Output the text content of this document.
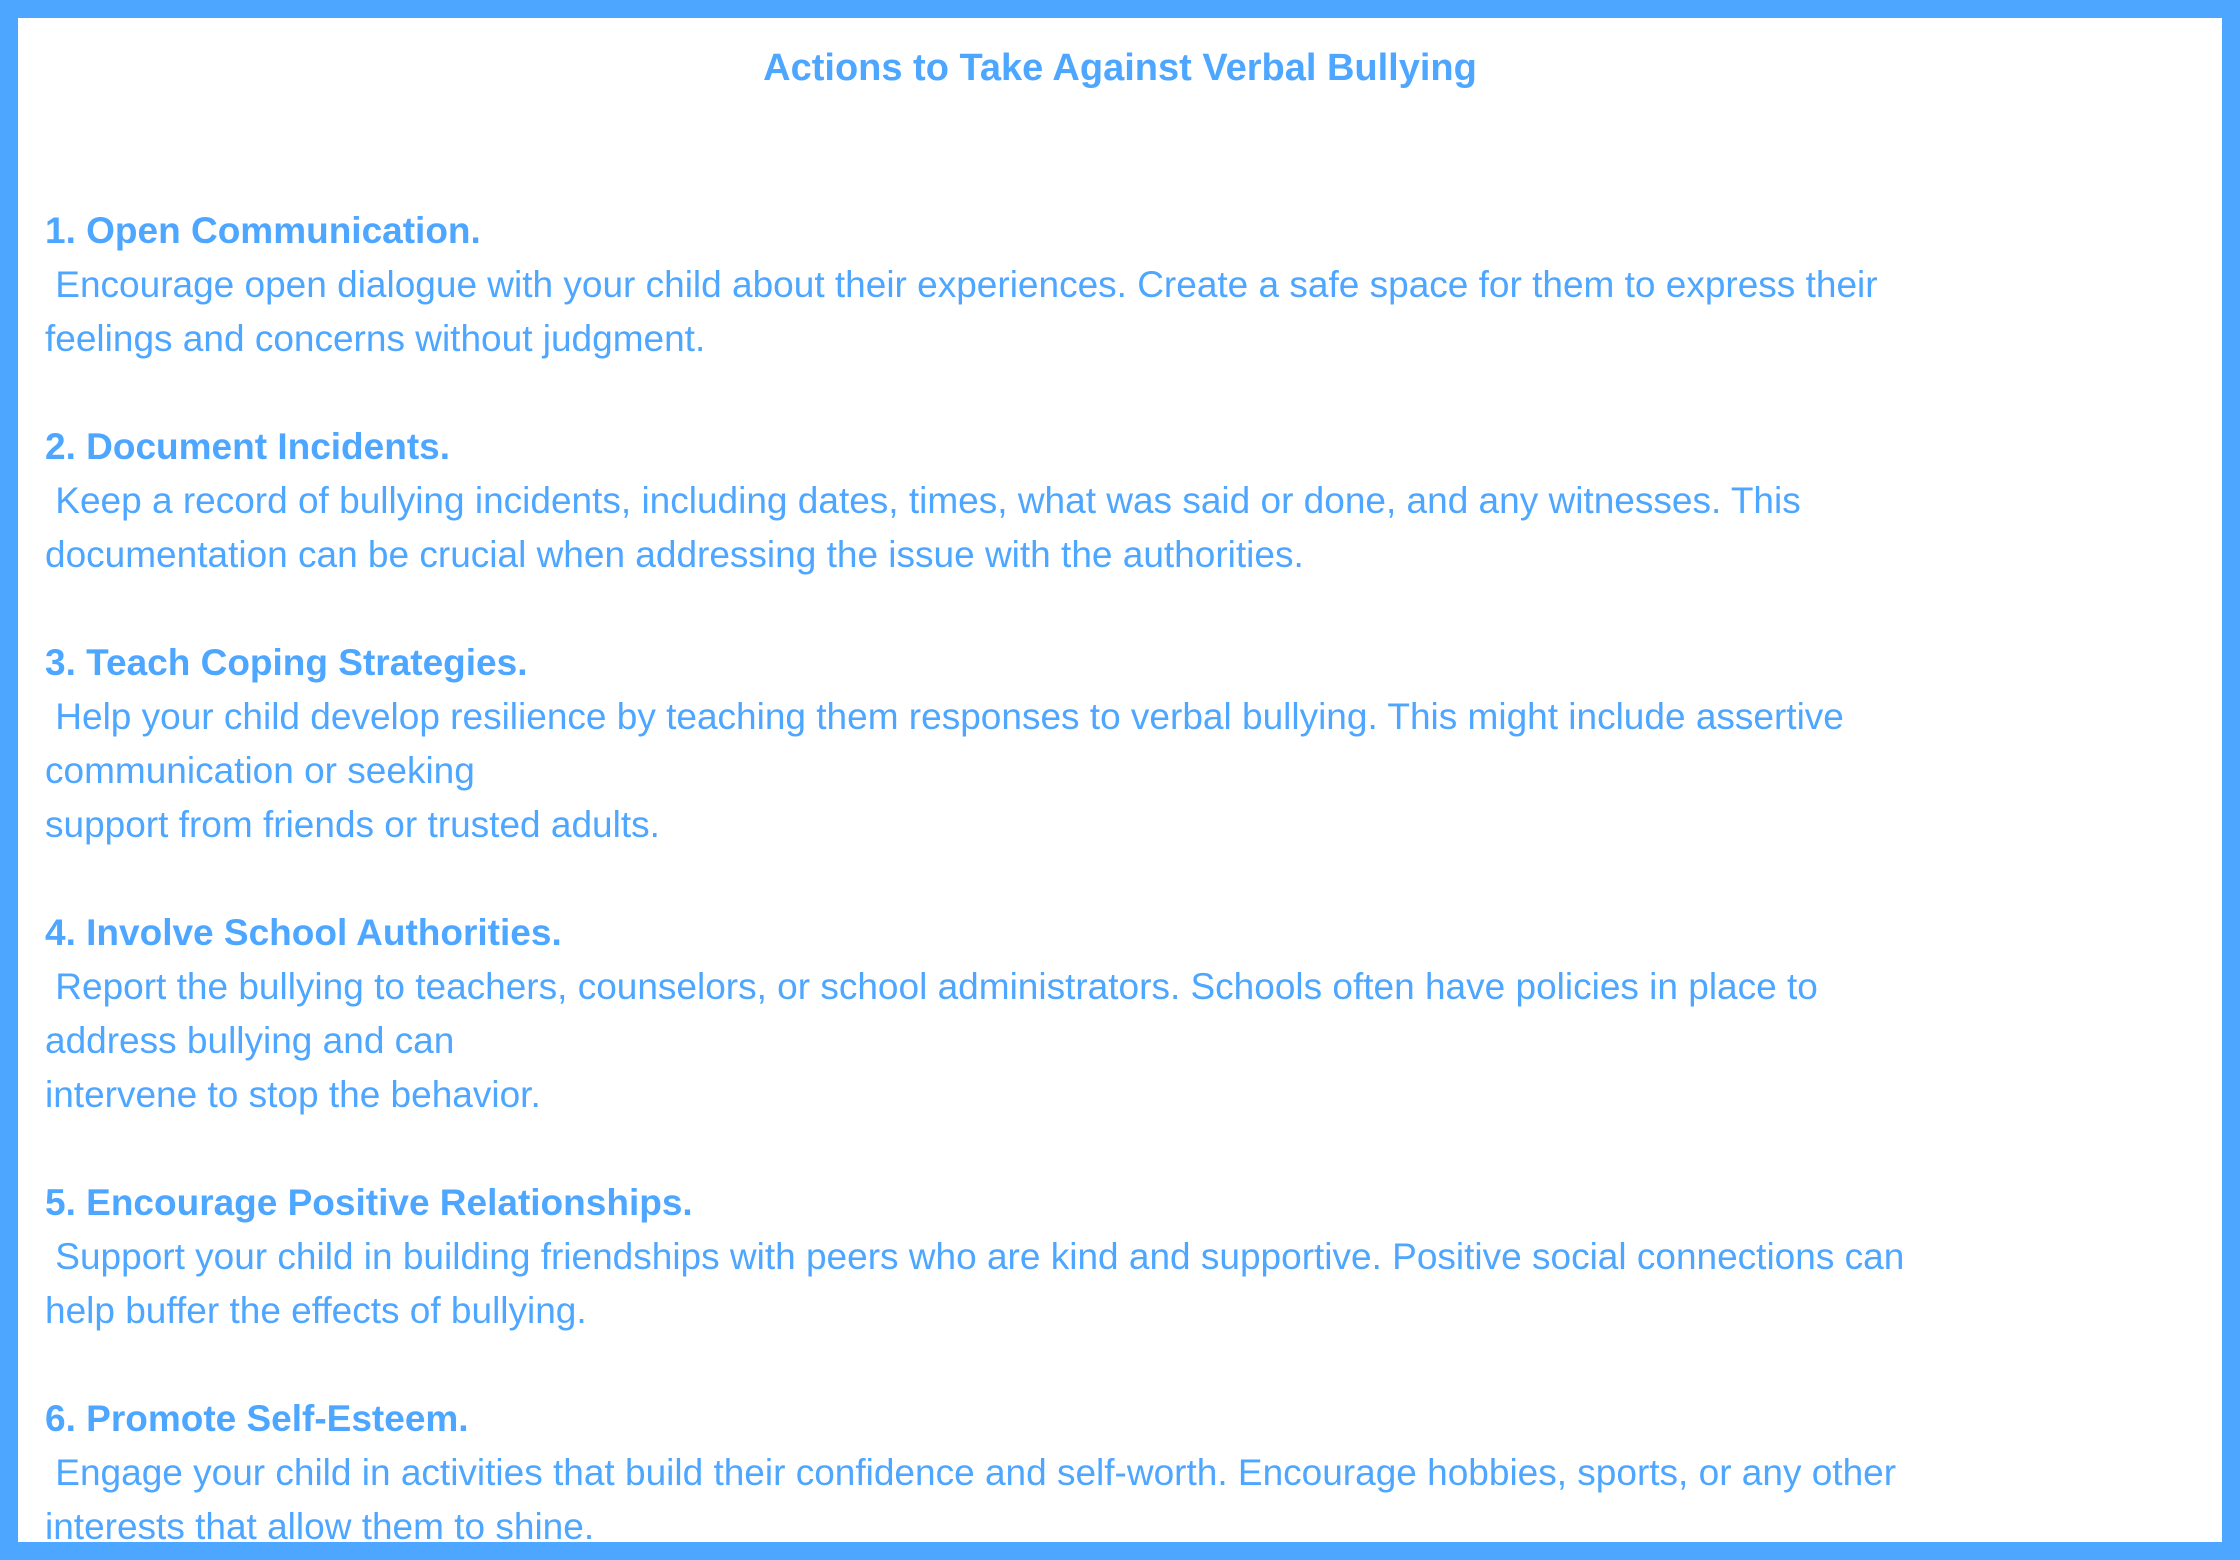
Actions to Take Against Verbal Bullying
1. Open Communication.
Encourage open dialogue with your child about their experiences. Create a safe space for them to express their
feelings and concerns without judgment.
2. Document Incidents.
Keep a record of bullying incidents, including dates, times, what was said or done, and any witnesses. This
documentation can be crucial when addressing the issue with the authorities.
3. Teach Coping Strategies.
Help your child develop resilience by teaching them responses to verbal bullying. This might include assertive
communication or seeking
support from friends or trusted adults.
4. Involve School Authorities.
Report the bullying to teachers, counselors, or school administrators. Schools often have policies in place to
address bullying and can
intervene to stop the behavior.
5. Encourage Positive Relationships.
Support your child in building friendships with peers who are kind and supportive. Positive social connections can
help buffer the effects of bullying.
6. Promote Self-Esteem.
Engage your child in activities that build their confidence and self-worth. Encourage hobbies, sports, or any other
interests that allow them to shine.
